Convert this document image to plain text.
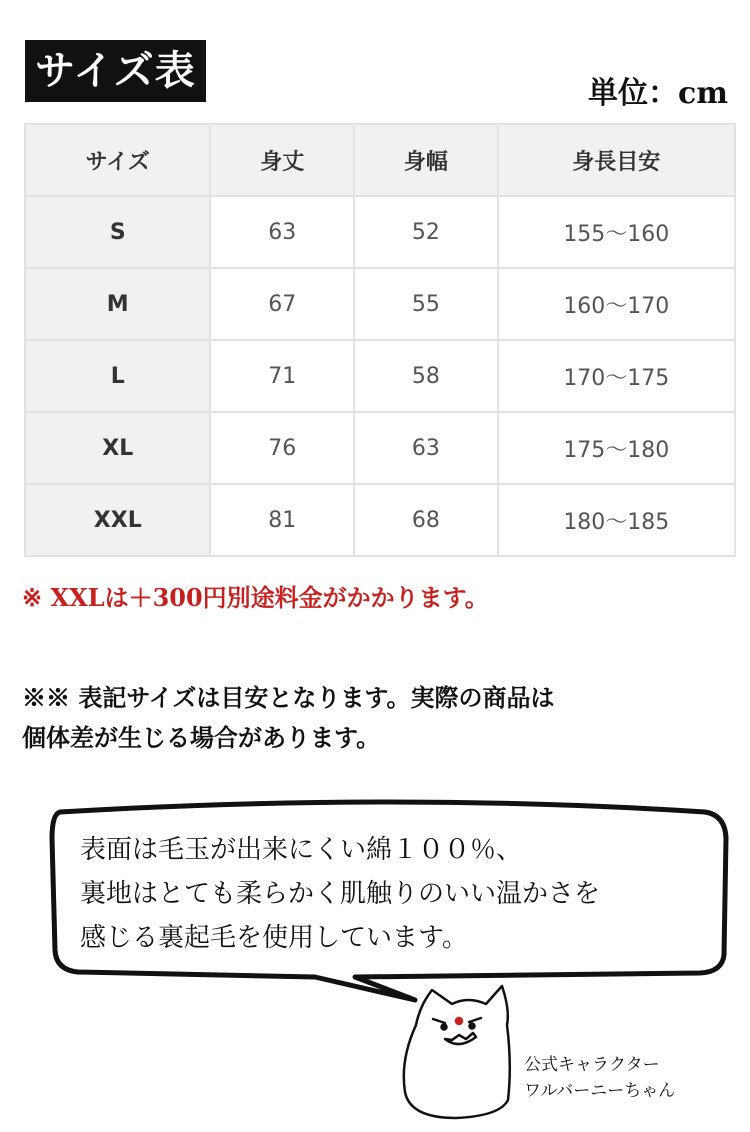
サイズ表	単位：cm
サイズ	身丈	身幅	身長目安
S	63	52	155〜160
M	67	55	160〜170
L	71	58	170〜175
XL	76	63	175〜180
XXL	81	68	180〜185
※ XXLは＋300円別途料金がかかります。
※※ 表記サイズは目安となります。実際の商品は
個体差が生じる場合があります。
表面は毛玉が出来にくい綿１００％、
裏地はとても柔らかく肌触りのいい温かさを
感じる裏起毛を使用しています。
公式キャラクター
ワルバーニーちゃん
